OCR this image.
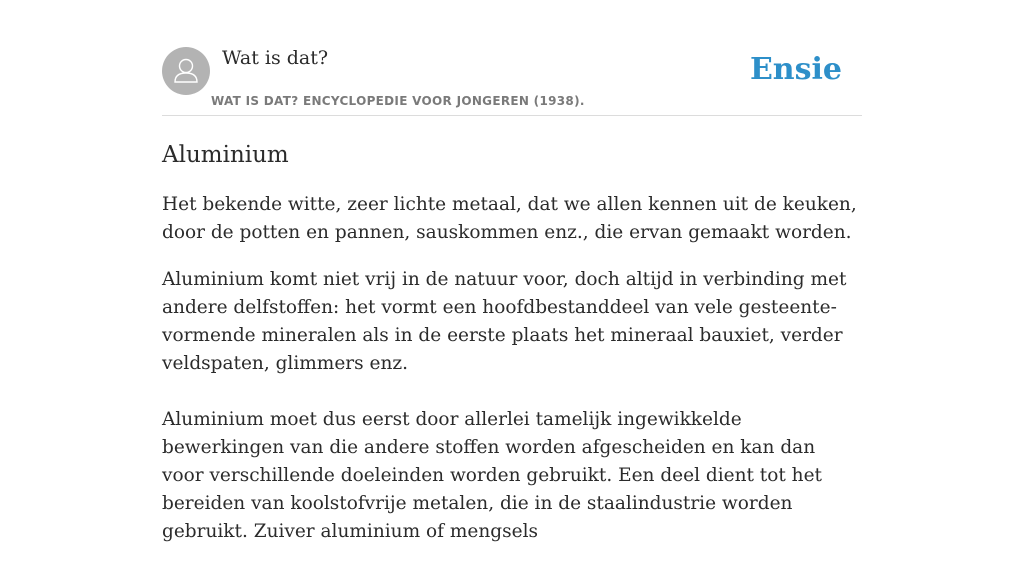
Wat is dat?
WAT IS DAT? ENCYCLOPEDIE VOOR JONGEREN (1938).
Ensie
Aluminium

Het bekende witte, zeer lichte metaal, dat we allen kennen uit de keuken, door de potten en pannen, sauskommen enz., die ervan gemaakt worden.

Aluminium komt niet vrij in de natuur voor, doch altijd in verbinding met andere delfstoffen: het vormt een hoofdbestanddeel van vele gesteente-vormende mineralen als in de eerste plaats het mineraal bauxiet, verder veldspaten, glimmers enz.

Aluminium moet dus eerst door allerlei tamelijk ingewikkelde bewerkingen van die andere stoffen worden afgescheiden en kan dan voor verschillende doeleinden worden gebruikt. Een deel dient tot het bereiden van koolstofvrije metalen, die in de staalindustrie worden gebruikt. Zuiver aluminium of mengsels
